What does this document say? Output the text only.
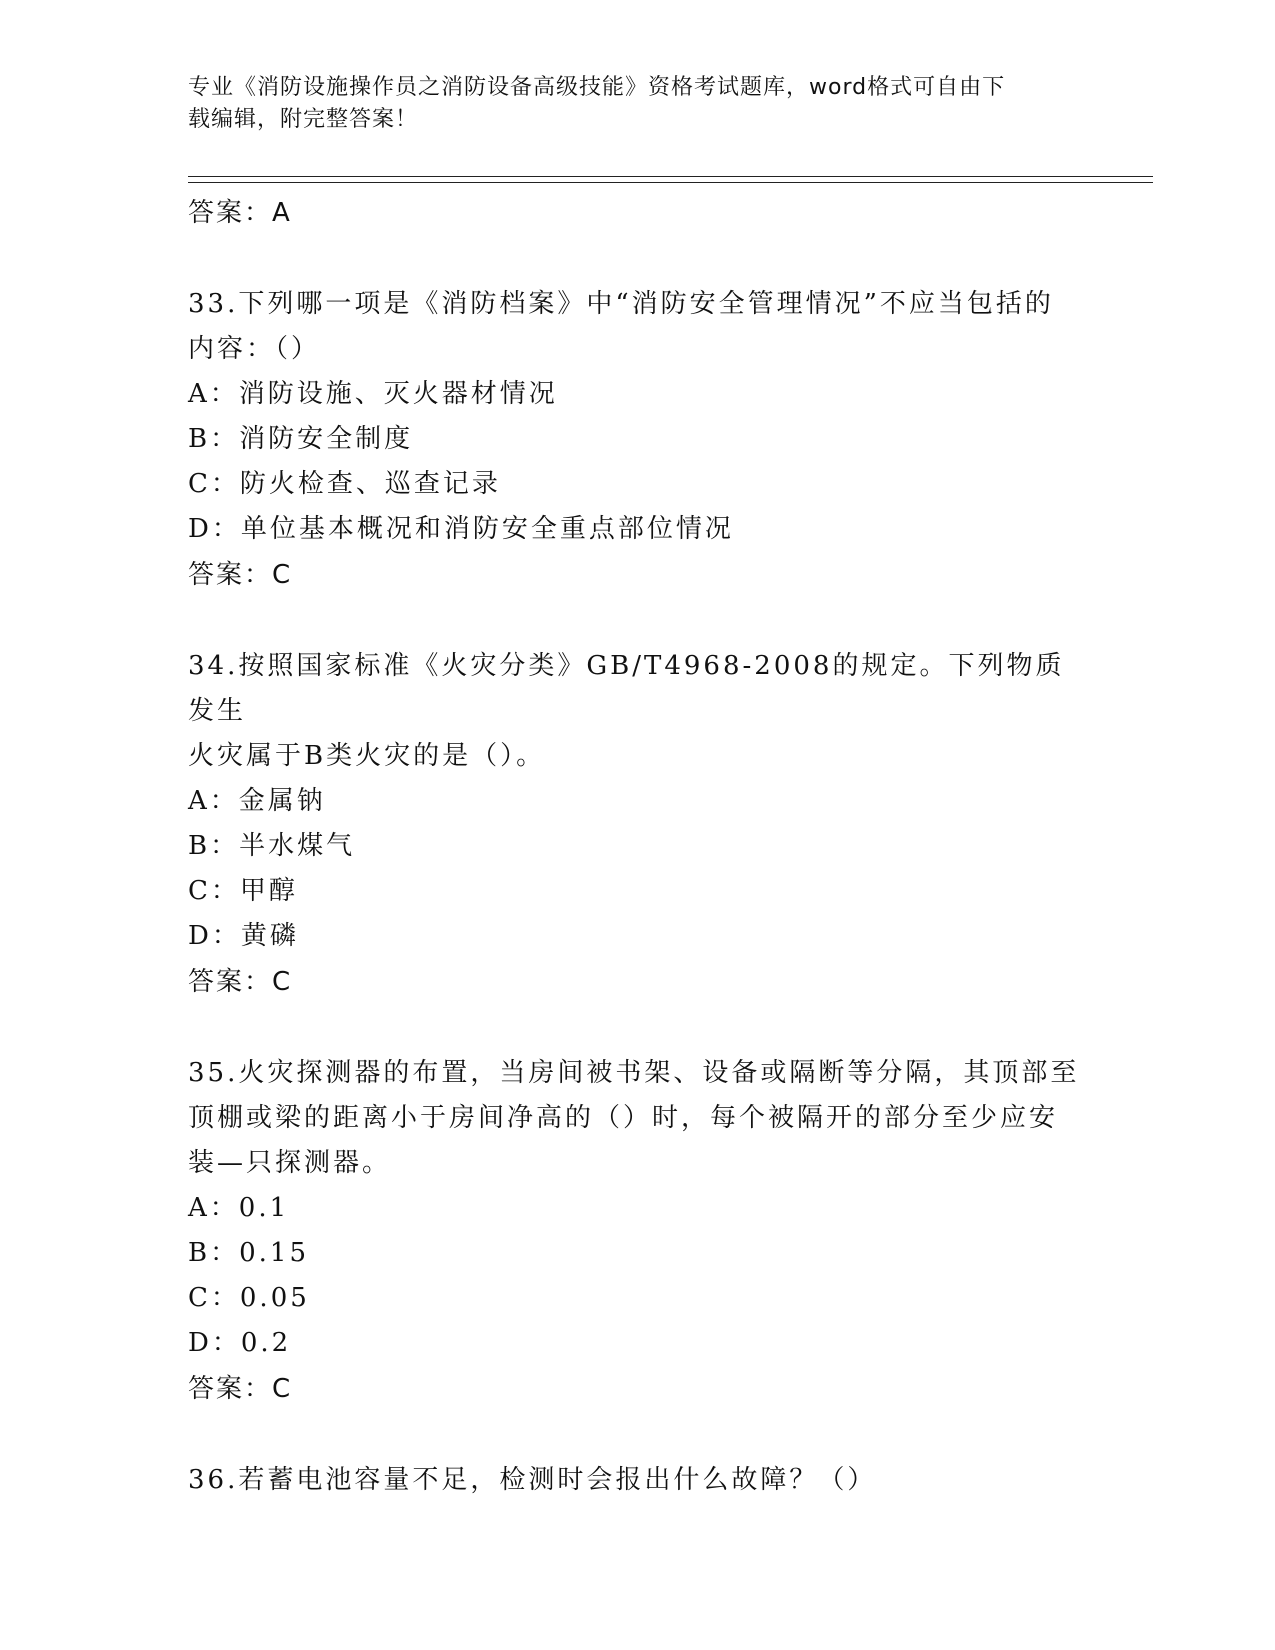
专业《消防设施操作员之消防设备高级技能》资格考试题库，word格式可自由下
载编辑，附完整答案！
答案：A
33.下列哪一项是《消防档案》中“消防安全管理情况”不应当包括的
内容：（）
A：消防设施、灭火器材情况
B：消防安全制度
C：防火检查、巡查记录
D：单位基本概况和消防安全重点部位情况
答案：C
34.按照国家标准《火灾分类》GB/T4968-2008的规定。下列物质发生
火灾属于B类火灾的是（）。
A：金属钠
B：半水煤气
C：甲醇
D：黄磷
答案：C
35.火灾探测器的布置，当房间被书架、设备或隔断等分隔，其顶部至
顶棚或梁的距离小于房间净高的（）时，每个被隔开的部分至少应安
装—只探测器。
A：0.1
B：0.15
C：0.05
D：0.2
答案：C
36.若蓄电池容量不足，检测时会报出什么故障？（）
